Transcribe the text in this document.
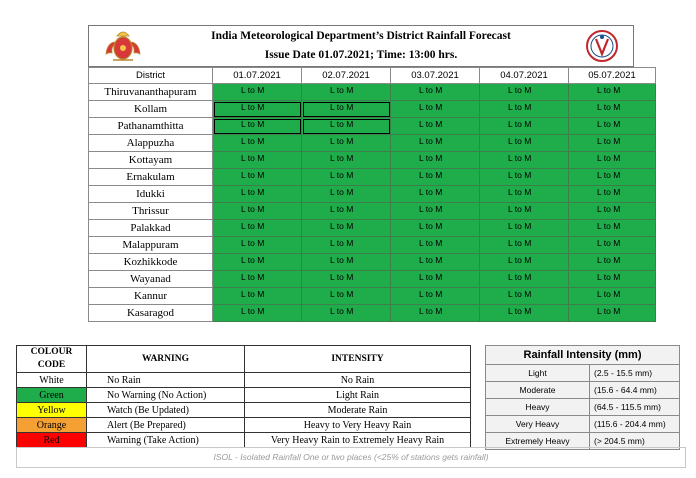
India Meteorological Department’s District Rainfall Forecast
Issue Date 01.07.2021; Time: 13:00 hrs.
District	01.07.2021	02.07.2021	03.07.2021	04.07.2021	05.07.2021
Thiruvananthapuram	L to M	L to M	L to M	L to M	L to M
Kollam	L to M	L to M	L to M	L to M	L to M
Pathanamthitta	L to M	L to M	L to M	L to M	L to M
Alappuzha	L to M	L to M	L to M	L to M	L to M
Kottayam	L to M	L to M	L to M	L to M	L to M
Ernakulam	L to M	L to M	L to M	L to M	L to M
Idukki	L to M	L to M	L to M	L to M	L to M
Thrissur	L to M	L to M	L to M	L to M	L to M
Palakkad	L to M	L to M	L to M	L to M	L to M
Malappuram	L to M	L to M	L to M	L to M	L to M
Kozhikkode	L to M	L to M	L to M	L to M	L to M
Wayanad	L to M	L to M	L to M	L to M	L to M
Kannur	L to M	L to M	L to M	L to M	L to M
Kasaragod	L to M	L to M	L to M	L to M	L to M
COLOUR CODE	WARNING	INTENSITY
White	No Rain	No Rain
Green	No Warning (No Action)	Light Rain
Yellow	Watch (Be Updated)	Moderate Rain
Orange	Alert (Be Prepared)	Heavy to Very Heavy Rain
Red	Warning (Take Action)	Very Heavy Rain to Extremely Heavy Rain
Rainfall Intensity (mm)	
Light	(2.5 - 15.5 mm)
Moderate	(15.6 - 64.4 mm)
Heavy	(64.5 - 115.5 mm)
Very Heavy	(115.6 - 204.4 mm)
Extremely Heavy	(> 204.5 mm)
ISOL - Isolated Rainfall One or two places (<25% of stations gets rainfall)
